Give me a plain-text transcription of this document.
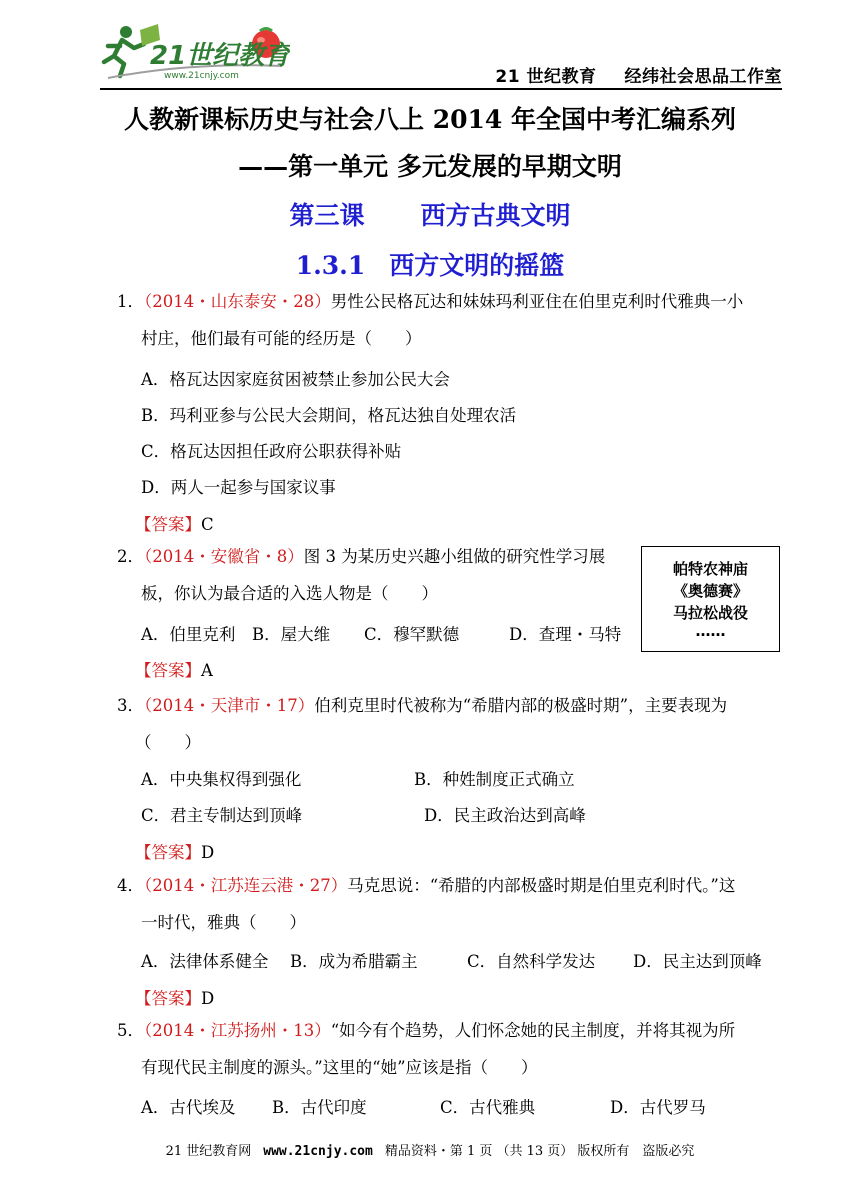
21世纪教育
www.21cnjy.com	21 世纪教育 经纬社会思品工作室
人教新课标历史与社会八上 2014 年全国中考汇编系列
——第一单元 多元发展的早期文明
第三课 西方古典文明
1.3.1 西方文明的摇篮
1．（2014・山东泰安・28）男性公民格瓦达和妹妹玛利亚住在伯里克利时代雅典一小
村庄，他们最有可能的经历是（　　）
A．格瓦达因家庭贫困被禁止参加公民大会
B．玛利亚参与公民大会期间，格瓦达独自处理农活
C．格瓦达因担任政府公职获得补贴
D．两人一起参与国家议事
【答案】C
2．（2014・安徽省・8）图 3 为某历史兴趣小组做的研究性学习展
板，你认为最合适的入选人物是（　　）
A．伯里克利 B．屋大维 C．穆罕默德	D．查理・马特
【答案】A
帕特农神庙
《奥德赛》
马拉松战役
……
3．（2014・天津市・17）伯利克里时代被称为“希腊内部的极盛时期”，主要表现为
（　　）
A．中央集权得到强化	B．种姓制度正式确立
C．君主专制达到顶峰	D．民主政治达到高峰
【答案】D
4．（2014・江苏连云港・27）马克思说：“希腊的内部极盛时期是伯里克利时代。”这
一时代，雅典（　　）
A．法律体系健全 B．成为希腊霸主	C．自然科学发达 D．民主达到顶峰
【答案】D
5．（2014・江苏扬州・13）“如今有个趋势，人们怀念她的民主制度，并将其视为所
有现代民主制度的源头。”这里的“她”应该是指（　　）
A．古代埃及 B．古代印度	C．古代雅典	D．古代罗马
21 世纪教育网 www.21cnjy.com 精品资料・第 1 页 （共 13 页） 版权所有　盗版必究
